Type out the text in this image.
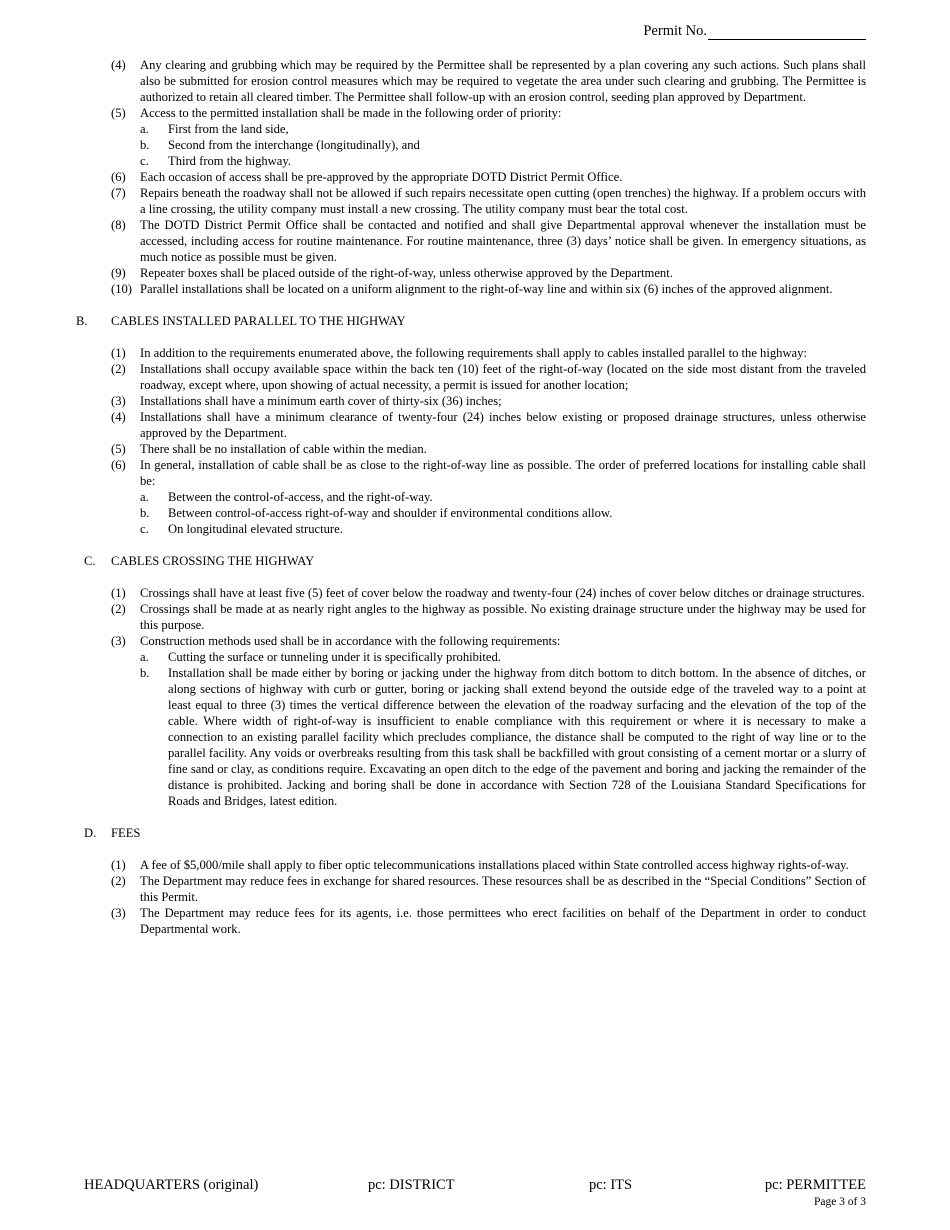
Permit No.
(4)	Any clearing and grubbing which may be required by the Permittee shall be represented by a plan covering any such actions. Such plans shall also be submitted for erosion control measures which may be required to vegetate the area under such clearing and grubbing. The Permittee is authorized to retain all cleared timber. The Permittee shall follow-up with an erosion control, seeding plan approved by Department.
(5)	Access to the permitted installation shall be made in the following order of priority:
a.	First from the land side,
b.	Second from the interchange (longitudinally), and
c.	Third from the highway.
(6)	Each occasion of access shall be pre-approved by the appropriate DOTD District Permit Office.
(7)	Repairs beneath the roadway shall not be allowed if such repairs necessitate open cutting (open trenches) the highway. If a problem occurs with a line crossing, the utility company must install a new crossing. The utility company must bear the total cost.
(8)	The DOTD District Permit Office shall be contacted and notified and shall give Departmental approval whenever the installation must be accessed, including access for routine maintenance. For routine maintenance, three (3) days’ notice shall be given. In emergency situations, as much notice as possible must be given.
(9)	Repeater boxes shall be placed outside of the right-of-way, unless otherwise approved by the Department.
(10) Parallel installations shall be located on a uniform alignment to the right-of-way line and within six (6) inches of the approved alignment.
B.	CABLES INSTALLED PARALLEL TO THE HIGHWAY
(1)	In addition to the requirements enumerated above, the following requirements shall apply to cables installed parallel to the highway:
(2)	Installations shall occupy available space within the back ten (10) feet of the right-of-way (located on the side most distant from the traveled roadway, except where, upon showing of actual necessity, a permit is issued for another location;
(3)	Installations shall have a minimum earth cover of thirty-six (36) inches;
(4)	Installations shall have a minimum clearance of twenty-four (24) inches below existing or proposed drainage structures, unless otherwise approved by the Department.
(5)	There shall be no installation of cable within the median.
(6)	In general, installation of cable shall be as close to the right-of-way line as possible. The order of preferred locations for installing cable shall be:
a.	Between the control-of-access, and the right-of-way.
b.	Between control-of-access right-of-way and shoulder if environmental conditions allow.
c.	On longitudinal elevated structure.
C.	CABLES CROSSING THE HIGHWAY
(1)	Crossings shall have at least five (5) feet of cover below the roadway and twenty-four (24) inches of cover below ditches or drainage structures.
(2)	Crossings shall be made at as nearly right angles to the highway as possible. No existing drainage structure under the highway may be used for this purpose.
(3)	Construction methods used shall be in accordance with the following requirements:
a.	Cutting the surface or tunneling under it is specifically prohibited.
b.	Installation shall be made either by boring or jacking under the highway from ditch bottom to ditch bottom. In the absence of ditches, or along sections of highway with curb or gutter, boring or jacking shall extend beyond the outside edge of the traveled way to a point at least equal to three (3) times the vertical difference between the elevation of the roadway surfacing and the elevation of the top of the cable. Where width of right-of-way is insufficient to enable compliance with this requirement or where it is necessary to make a connection to an existing parallel facility which precludes compliance, the distance shall be computed to the right of way line or to the parallel facility. Any voids or overbreaks resulting from this task shall be backfilled with grout consisting of a cement mortar or a slurry of fine sand or clay, as conditions require. Excavating an open ditch to the edge of the pavement and boring and jacking the remainder of the distance is prohibited. Jacking and boring shall be done in accordance with Section 728 of the Louisiana Standard Specifications for Roads and Bridges, latest edition.
D.	FEES
(1)	A fee of $5,000/mile shall apply to fiber optic telecommunications installations placed within State controlled access highway rights-of-way.
(2)	The Department may reduce fees in exchange for shared resources. These resources shall be as described in the “Special Conditions” Section of this Permit.
(3)	The Department may reduce fees for its agents, i.e. those permittees who erect facilities on behalf of the Department in order to conduct Departmental work.
HEADQUARTERS (original)	pc: DISTRICT	pc: ITS	pc: PERMITTEE
Page 3 of 3
